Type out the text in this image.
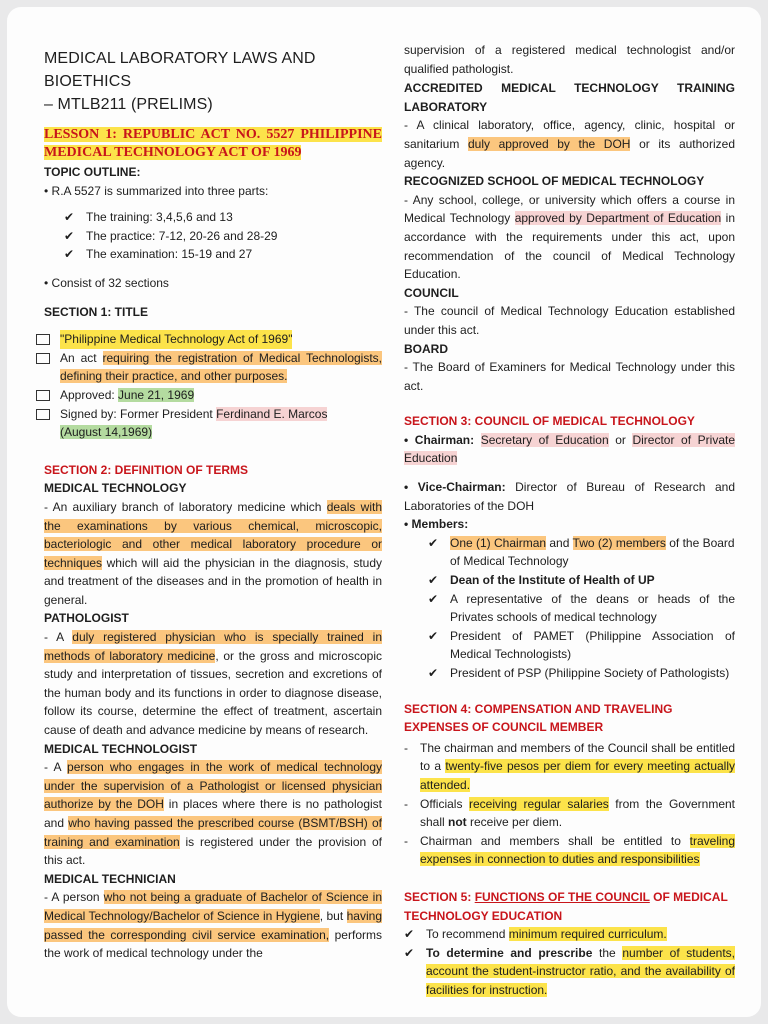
MEDICAL LABORATORY LAWS AND BIOETHICS
– MTLB211 (PRELIMS)
LESSON 1: REPUBLIC ACT NO. 5527 PHILIPPINE MEDICAL TECHNOLOGY ACT OF 1969
TOPIC OUTLINE:

• R.A 5527 is summarized into three parts:

✔ The training: 3,4,5,6 and 13
✔ The practice: 7-12, 20-26 and 28-29
✔ The examination: 15-19 and 27

• Consist of 32 sections

SECTION 1: TITLE
"Philippine Medical Technology Act of 1969"
An act requiring the registration of Medical Technologists, defining their practice, and other purposes.
Approved: June 21, 1969
Signed by: Former President Ferdinand E. Marcos
(August 14,1969)
SECTION 2: DEFINITION OF TERMS
MEDICAL TECHNOLOGY

- An auxiliary branch of laboratory medicine which deals with the examinations by various chemical, microscopic, bacteriologic and other medical laboratory procedure or techniques which will aid the physician in the diagnosis, study and treatment of the diseases and in the promotion of health in general.

PATHOLOGIST

- A duly registered physician who is specially trained in methods of laboratory medicine, or the gross and microscopic study and interpretation of tissues, secretion and excretions of the human body and its functions in order to diagnose disease, follow its course, determine the effect of treatment, ascertain cause of death and advance medicine by means of research.

MEDICAL TECHNOLOGIST

- A person who engages in the work of medical technology under the supervision of a Pathologist or licensed physician authorize by the DOH in places where there is no pathologist and who having passed the prescribed course (BSMT/BSH) of training and examination is registered under the provision of this act.

MEDICAL TECHNICIAN

- A person who not being a graduate of Bachelor of Science in Medical Technology/Bachelor of Science in Hygiene, but having passed the corresponding civil service examination, performs the work of medical technology under the

supervision of a registered medical technologist and/or qualified pathologist.

ACCREDITED MEDICAL TECHNOLOGY TRAINING LABORATORY

- A clinical laboratory, office, agency, clinic, hospital or sanitarium duly approved by the DOH or its authorized agency.

RECOGNIZED SCHOOL OF MEDICAL TECHNOLOGY

- Any school, college, or university which offers a course in Medical Technology approved by Department of Education in accordance with the requirements under this act, upon recommendation of the council of Medical Technology Education.

COUNCIL

- The council of Medical Technology Education established under this act.

BOARD

- The Board of Examiners for Medical Technology under this act.

SECTION 3: COUNCIL OF MEDICAL TECHNOLOGY

• Chairman: Secretary of Education or Director of Private Education

• Vice-Chairman: Director of Bureau of Research and Laboratories of the DOH

• Members:
✔ One (1) Chairman and Two (2) members of the Board of Medical Technology
✔ Dean of the Institute of Health of UP
✔ A representative of the deans or heads of the Privates schools of medical technology
✔ President of PAMET (Philippine Association of Medical Technologists)
✔ President of PSP (Philippine Society of Pathologists)
SECTION 4: COMPENSATION AND TRAVELING EXPENSES OF COUNCIL MEMBER
-	The chairman and members of the Council shall be entitled to a twenty-five pesos per diem for every meeting actually attended.
-	Officials receiving regular salaries from the Government shall not receive per diem.
-	Chairman and members shall be entitled to traveling expenses in connection to duties and responsibilities
SECTION 5: FUNCTIONS OF THE COUNCIL OF MEDICAL TECHNOLOGY EDUCATION
✔ To recommend minimum required curriculum.
✔ To determine and prescribe the number of students, account the student-instructor ratio, and the availability of facilities for instruction.
